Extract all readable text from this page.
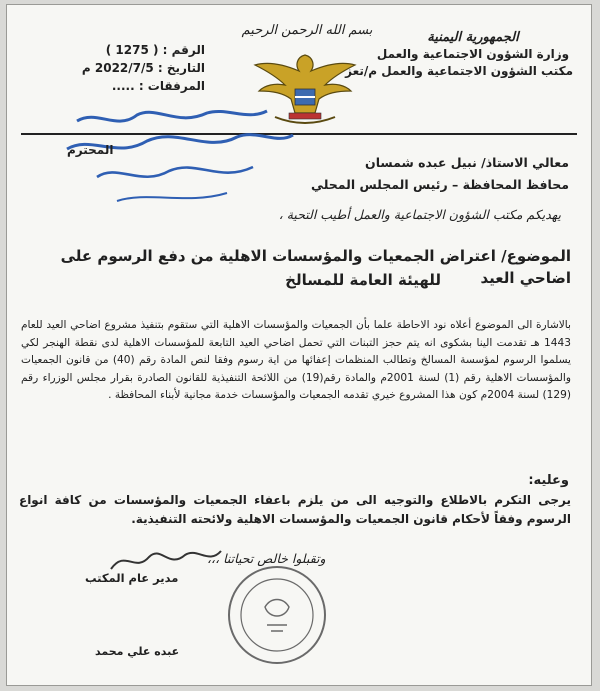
الجمهورية اليمنية
وزارة الشؤون الاجتماعية والعمل
مكتب الشؤون الاجتماعية والعمل م/تعز
بسم الله الرحمن الرحيم
الرقم : ( 1275 )
التاريخ : 2022/7/5 م
المرفقات : .....
المحترم
معالي الاستاذ/ نبيل عبده شمسان
محافظ المحافظة – رئيس المجلس المحلي
يهديكم مكتب الشؤون الاجتماعية والعمل أطيب التحية ،
الموضوع/ اعتراض الجمعيات والمؤسسات الاهلية من دفع الرسوم على اضاحي العيد
للهيئة العامة للمسالخ
بالاشارة الى الموضوع أعلاه نود الاحاطة علما بأن الجمعيات والمؤسسات الاهلية التي ستقوم بتنفيذ مشروع اضاحي العيد للعام 1443 هـ تقدمت الينا بشكوى انه يتم حجز التبنات التي تحمل اضاحي العيد التابعة للمؤسسات الاهلية لدى نقطة الهنجر لكي يسلموا الرسوم لمؤسسة المسالخ وتطالب المنظمات إعفائها من اية رسوم وفقا لنص المادة رقم (40) من قانون الجمعيات والمؤسسات الاهلية رقم (1) لسنة 2001م والمادة رقم(19) من اللائحة التنفيذية للقانون الصادرة بقرار مجلس الوزراء رقم (129) لسنة 2004م كون هذا المشروع خيري تقدمه الجمعيات والمؤسسات خدمة مجانية لأبناء المحافظة .
وعليه:
يرجى التكرم بالاطلاع والتوجيه الى من يلزم باعفاء الجمعيات والمؤسسات من كافة انواع الرسوم وفقاً لأحكام قانون الجمعيات والمؤسسات الاهلية ولائحته التنفيذية.
وتقبلوا خالص تحياتنا ،،،
مدير عام المكتب
عبده علي محمد
